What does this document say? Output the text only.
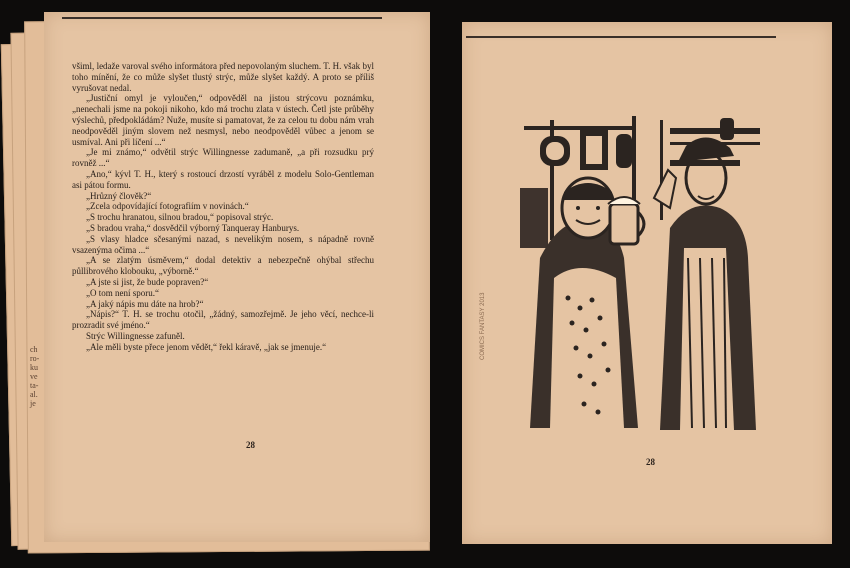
ch
ro-
ku
ve
ta-
al.
je

všiml, ledaže varoval svého informátora před nepovolaným sluchem. T. H. však byl toho mínění, že co může slyšet tlustý strýc, může slyšet každý. A proto se příliš vyrušovat nedal.

„Justiční omyl je vyloučen,“ odpověděl na jistou strýcovu poznámku, „nenechali jsme na pokoji nikoho, kdo má trochu zlata v ústech. Četl jste průběhy výslechů, předpokládám? Nuže, musíte si pamatovat, že za celou tu dobu nám vrah neodpověděl jiným slovem než nesmysl, nebo neodpověděl vůbec a jenom se usmíval. Ani při líčení ...“

„Je mi známo,“ odvětil strýc Willingnesse zadumaně, „a při rozsudku prý rovněž ...“

„Ano,“ kývl T. H., který s rostoucí drzostí vyráběl z modelu Solo-Gentleman asi pátou formu.

„Hrůzný člověk?“

„Zcela odpovídající fotografiím v novinách.“

„S trochu hranatou, silnou bradou,“ popisoval strýc.

„S bradou vraha,“ dosvědčil výborný Tanqueray Hanburys.

„S vlasy hladce sčesanými nazad, s nevelikým nosem, s nápadně rovně vsazenýma očima ...“

„A se zlatým úsměvem,“ dodal detektiv a nebezpečně ohýbal střechu půllibrového klobouku, „výborně.“

„A jste si jist, že bude popraven?“

„O tom není sporu.“

„A jaký nápis mu dáte na hrob?“

„Nápis?“ T. H. se trochu otočil, „žádný, samozřejmě. Je jeho věcí, nechce-li prozradit své jméno.“

Strýc Willingnesse zafuněl.

„Ale měli byste přece jenom vědět,“ řekl káravě, „jak se jmenuje.“

28
COMICS FANTASY 2013
28
